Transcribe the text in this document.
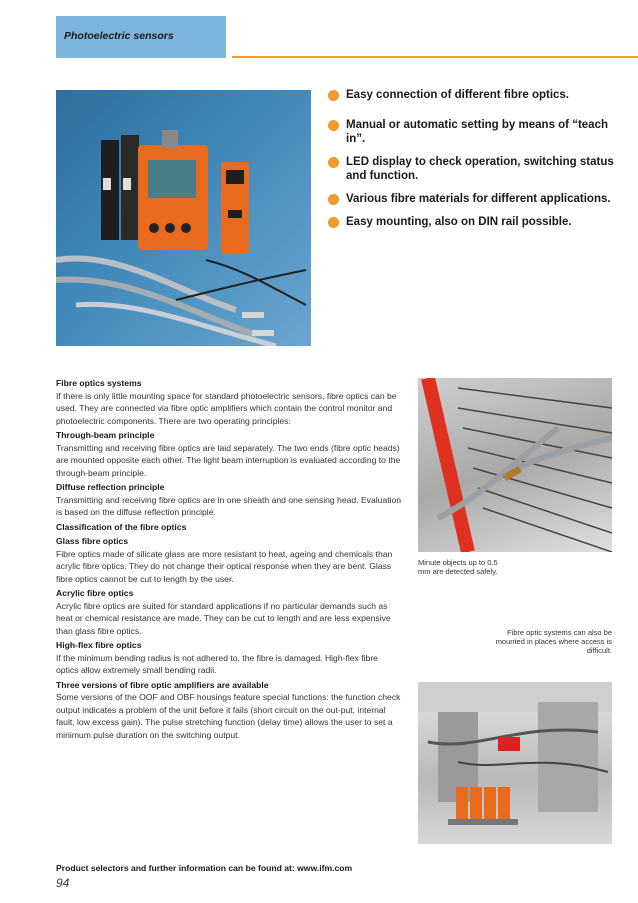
Photoelectric sensors
Easy connection of different fibre optics.
Manual or automatic setting by means of “teach in”.
LED display to check operation, switching status and function.
Various fibre materials for different applications.
Easy mounting, also on DIN rail possible.
Fibre optics systems
If there is only little mounting space for standard photoelectric sensors, fibre optics can be used. They are connected via fibre optic amplifiers which contain the control monitor and photoelectric components. There are two operating principles:
Through-beam principle
Transmitting and receiving fibre optics are laid separately. The two ends (fibre optic heads) are mounted opposite each other. The light beam interruption is evaluated according to the through-beam principle.
Diffuse reflection principle
Transmitting and receiving fibre optics are in one sheath and one sensing head. Evaluation is based on the diffuse reflection principle.
Classification of the fibre optics
Glass fibre optics
Fibre optics made of silicate glass are more resistant to heat, ageing and chemicals than acrylic fibre optics. They do not change their optical response when they are bent. Glass fibre optics cannot be cut to length by the user.
Acrylic fibre optics
Acrylic fibre optics are suited for standard applications if no particular demands such as heat or chemical resistance are made. They can be cut to length and are less expensive than glass fibre optics.
High-flex fibre optics
If the minimum bending radius is not adhered to, the fibre is damaged. High-flex fibre optics allow extremely small bending radii.
Three versions of fibre optic amplifiers are available
Some versions of the OOF and OBF housings feature special functions: the function check output indicates a problem of the unit before it fails (short circuit on the out-put, internal fault, low excess gain). The pulse stretching function (delay time) allows the user to set a minimum pulse duration on the switching output.
Minute objects up to 0.5 mm are detected safely.
Fibre optic systems can also be mounted in places where access is difficult.
Product selectors and further information can be found at: www.ifm.com
94
